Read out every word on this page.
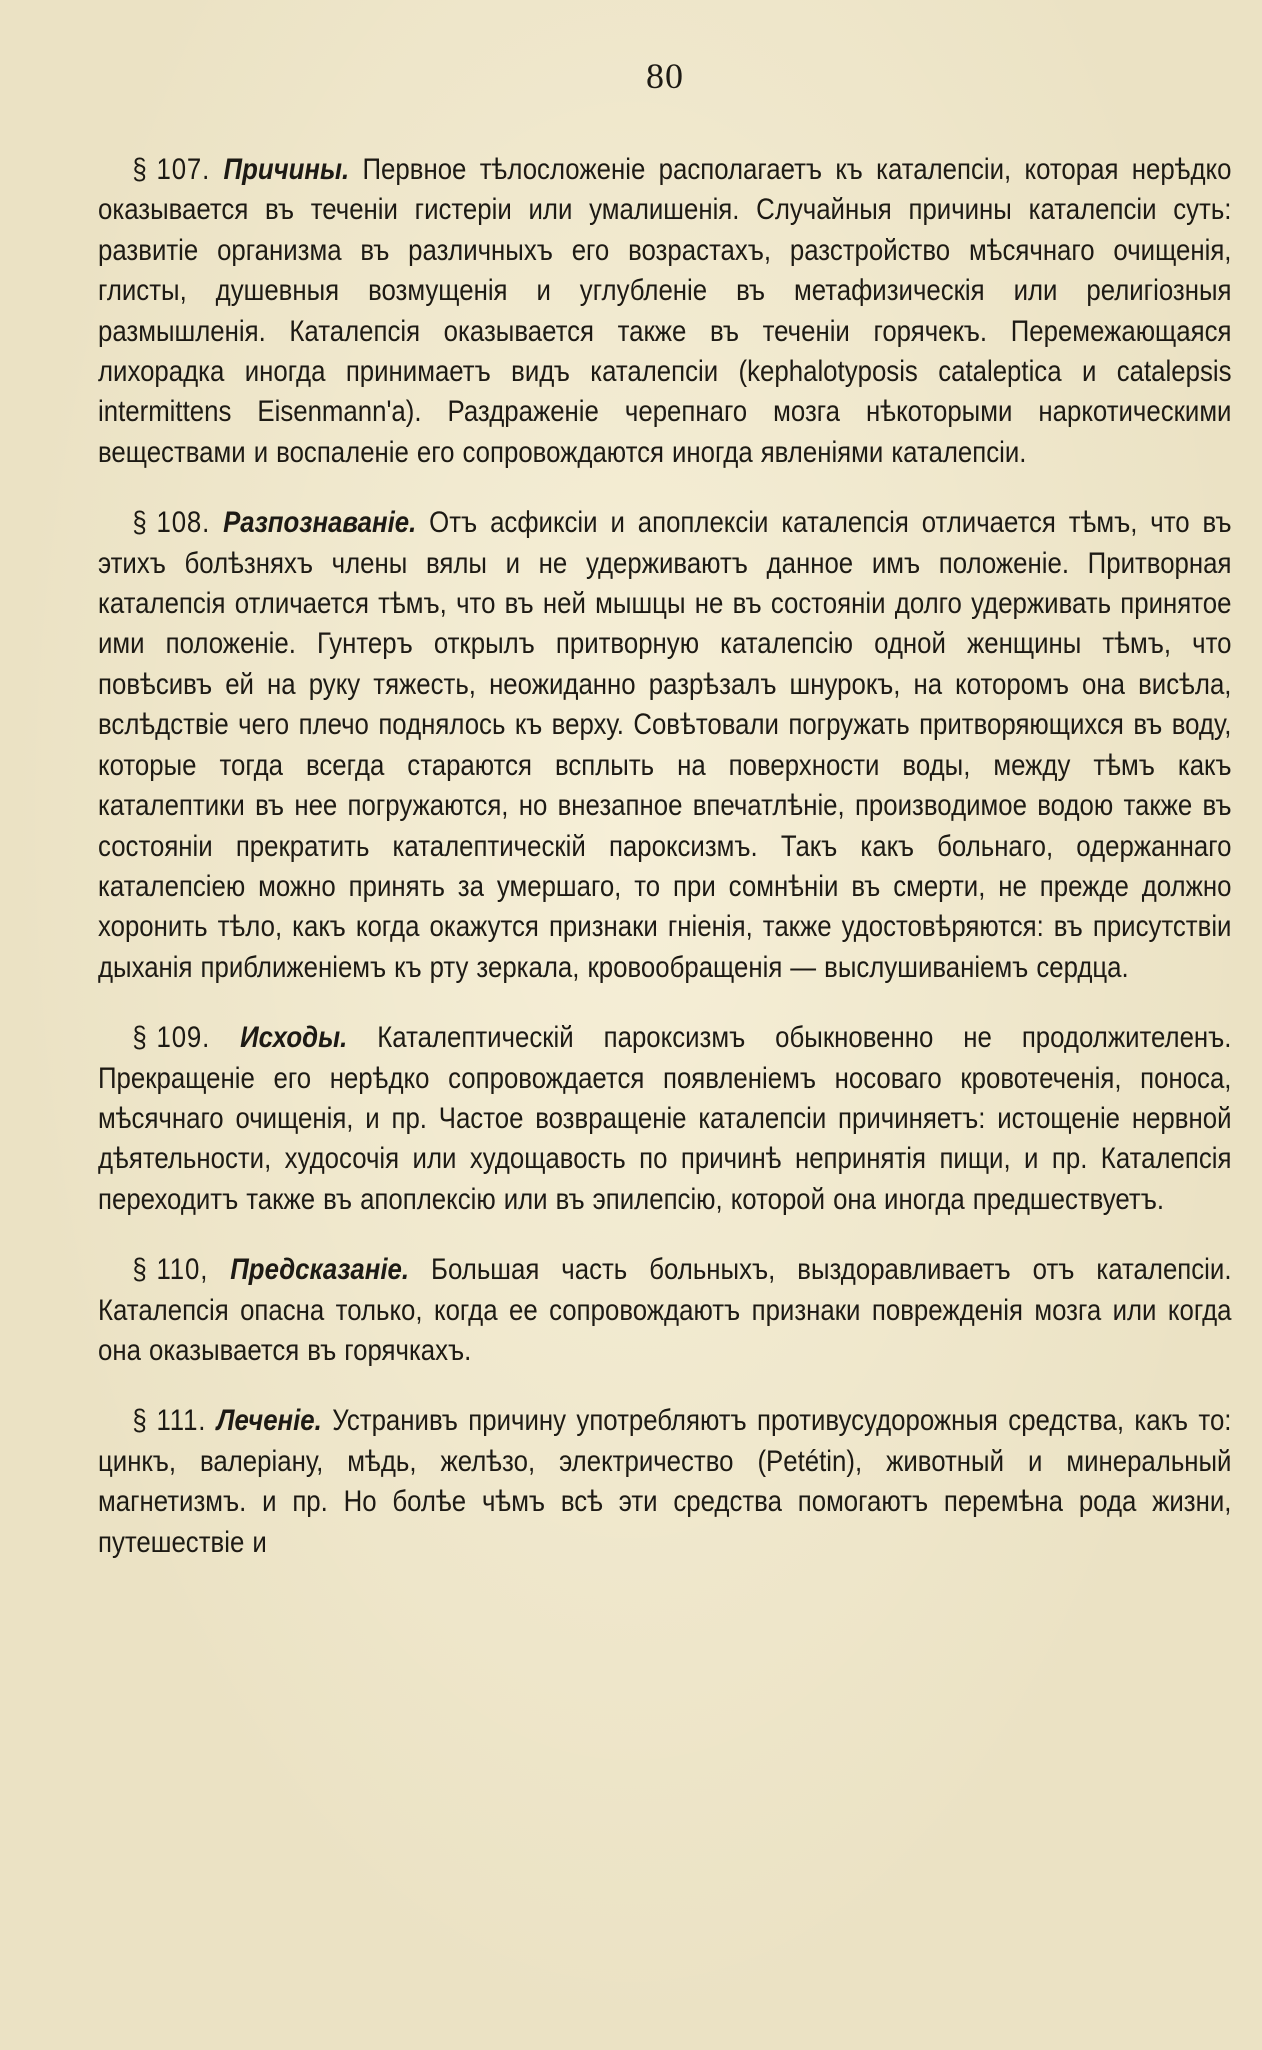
80

§ 107. Причины. Первное тѣлосложеніе располагаетъ къ каталепсіи, которая нерѣдко оказывается въ теченіи гистеріи или умалишенія. Случайныя причины каталепсіи суть: развитіе организма въ различныхъ его возрастахъ, разстройство мѣсячнаго очищенія, глисты, душевныя возмущенія и углубленіе въ метафизическія или религіозныя размышленія. Каталепсія оказывается также въ теченіи горячекъ. Перемежающаяся лихорадка иногда принимаетъ видъ каталепсіи (kephalotyposis catalеptica и catalepsis intermittens Eisenmann'a). Раздраженіе черепнаго мозга нѣкоторыми наркотическими веществами и воспаленіе его сопровождаются иногда явленіями каталепсіи.

§ 108. Разпознаваніе. Отъ асфиксіи и апоплексіи каталепсія отличается тѣмъ, что въ этихъ болѣзняхъ члены вялы и не удерживаютъ данное имъ положеніе. Притворная каталепсія отличается тѣмъ, что въ ней мышцы не въ состояніи долго удерживать принятое ими положеніе. Гунтеръ открылъ притворную каталепсію одной женщины тѣмъ, что повѣсивъ ей на руку тяжесть, неожиданно разрѣзалъ шнурокъ, на которомъ она висѣла, вслѣдствіе чего плечо поднялось къ верху. Совѣтовали погружать притворяющихся въ воду, которые тогда всегда стараются всплыть на поверхности воды, между тѣмъ какъ каталептики въ нее погружаются, но внезапное впечатлѣніе, производимое водою также въ состояніи прекратить каталептическій пароксизмъ. Такъ какъ больнаго, одержаннаго каталепсіею можно принять за умершаго, то при сомнѣніи въ смерти, не прежде должно хоронить тѣло, какъ когда окажутся признаки гніенія, также удостовѣряются: въ присутствіи дыханія приближеніемъ къ рту зеркала, кровообращенія — выслушиваніемъ сердца.

§ 109. Исходы. Каталептическій пароксизмъ обыкновенно не продолжителенъ. Прекращеніе его нерѣдко сопровождается появленіемъ носоваго кровотеченія, поноса, мѣсячнаго очищенія, и пр. Частое возвращеніе каталепсіи причиняетъ: истощеніе нервной дѣятельности, худосочія или худощавость по причинѣ непринятія пищи, и пр. Каталепсія переходитъ также въ апоплексію или въ эпилепсію, которой она иногда предшествуетъ.

§ 110, Предсказаніе. Большая часть больныхъ, выздоравливаетъ отъ каталепсіи. Каталепсія опасна только, когда ее сопровождаютъ признаки поврежденія мозга или когда она оказывается въ горячкахъ.

§ 111. Леченіе. Устранивъ причину употребляютъ противусудорожныя средства, какъ то: цинкъ, валеріану, мѣдь, желѣзо, электричество (Petétin), животный и минеральный магнетизмъ. и пр. Но болѣе чѣмъ всѣ эти средства помогаютъ перемѣна рода жизни, путешествіе и
